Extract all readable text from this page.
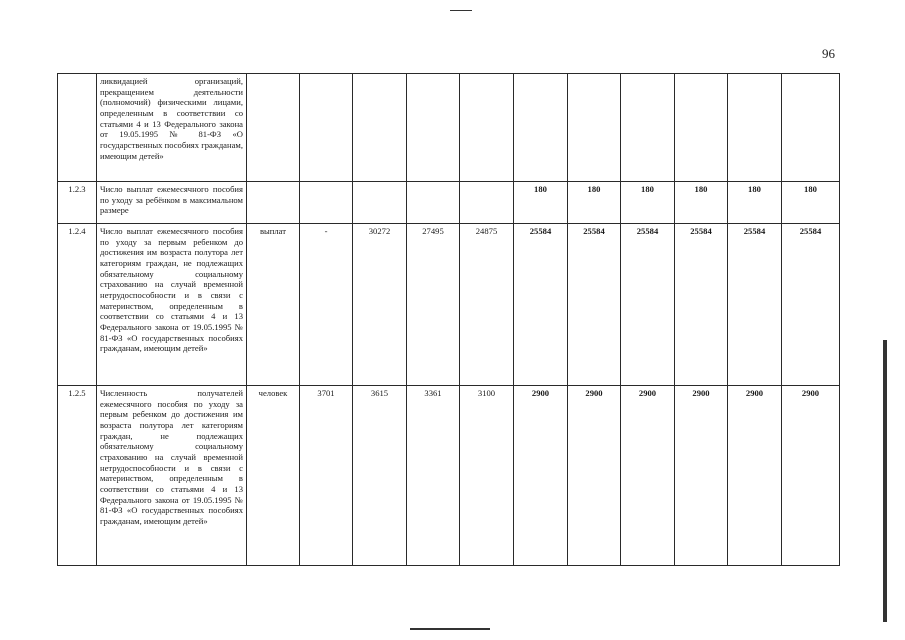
96
	ликвидацией организаций, прекращением деятельности (полномочий) физическими лицами, определенным в соответствии со статьями 4 и 13 Федерального закона от 19.05.1995 № 81-ФЗ «О государственных пособиях гражданам, имеющим детей»											
1.2.3	Число выплат ежемесячного пособия по уходу за ребёнком в максимальном размере						180	180	180	180	180	180
1.2.4	Число выплат ежемесячного пособия по уходу за первым ребенком до достижения им возраста полутора лет категориям граждан, не подлежащих обязательному социальному страхованию на случай временной нетрудоспособности и в связи с материнством, определенным в соответствии со статьями 4 и 13 Федерального закона от 19.05.1995 № 81-ФЗ «О государственных пособиях гражданам, имеющим детей»	выплат	-	30272	27495	24875	25584	25584	25584	25584	25584	25584
1.2.5	Численность получателей ежемесячного пособия по уходу за первым ребенком до достижения им возраста полутора лет категориям граждан, не подлежащих обязательному социальному страхованию на случай временной нетрудоспособности и в связи с материнством, определенным в соответствии со статьями 4 и 13 Федерального закона от 19.05.1995 № 81-ФЗ «О государственных пособиях гражданам, имеющим детей»	человек	3701	3615	3361	3100	2900	2900	2900	2900	2900	2900
